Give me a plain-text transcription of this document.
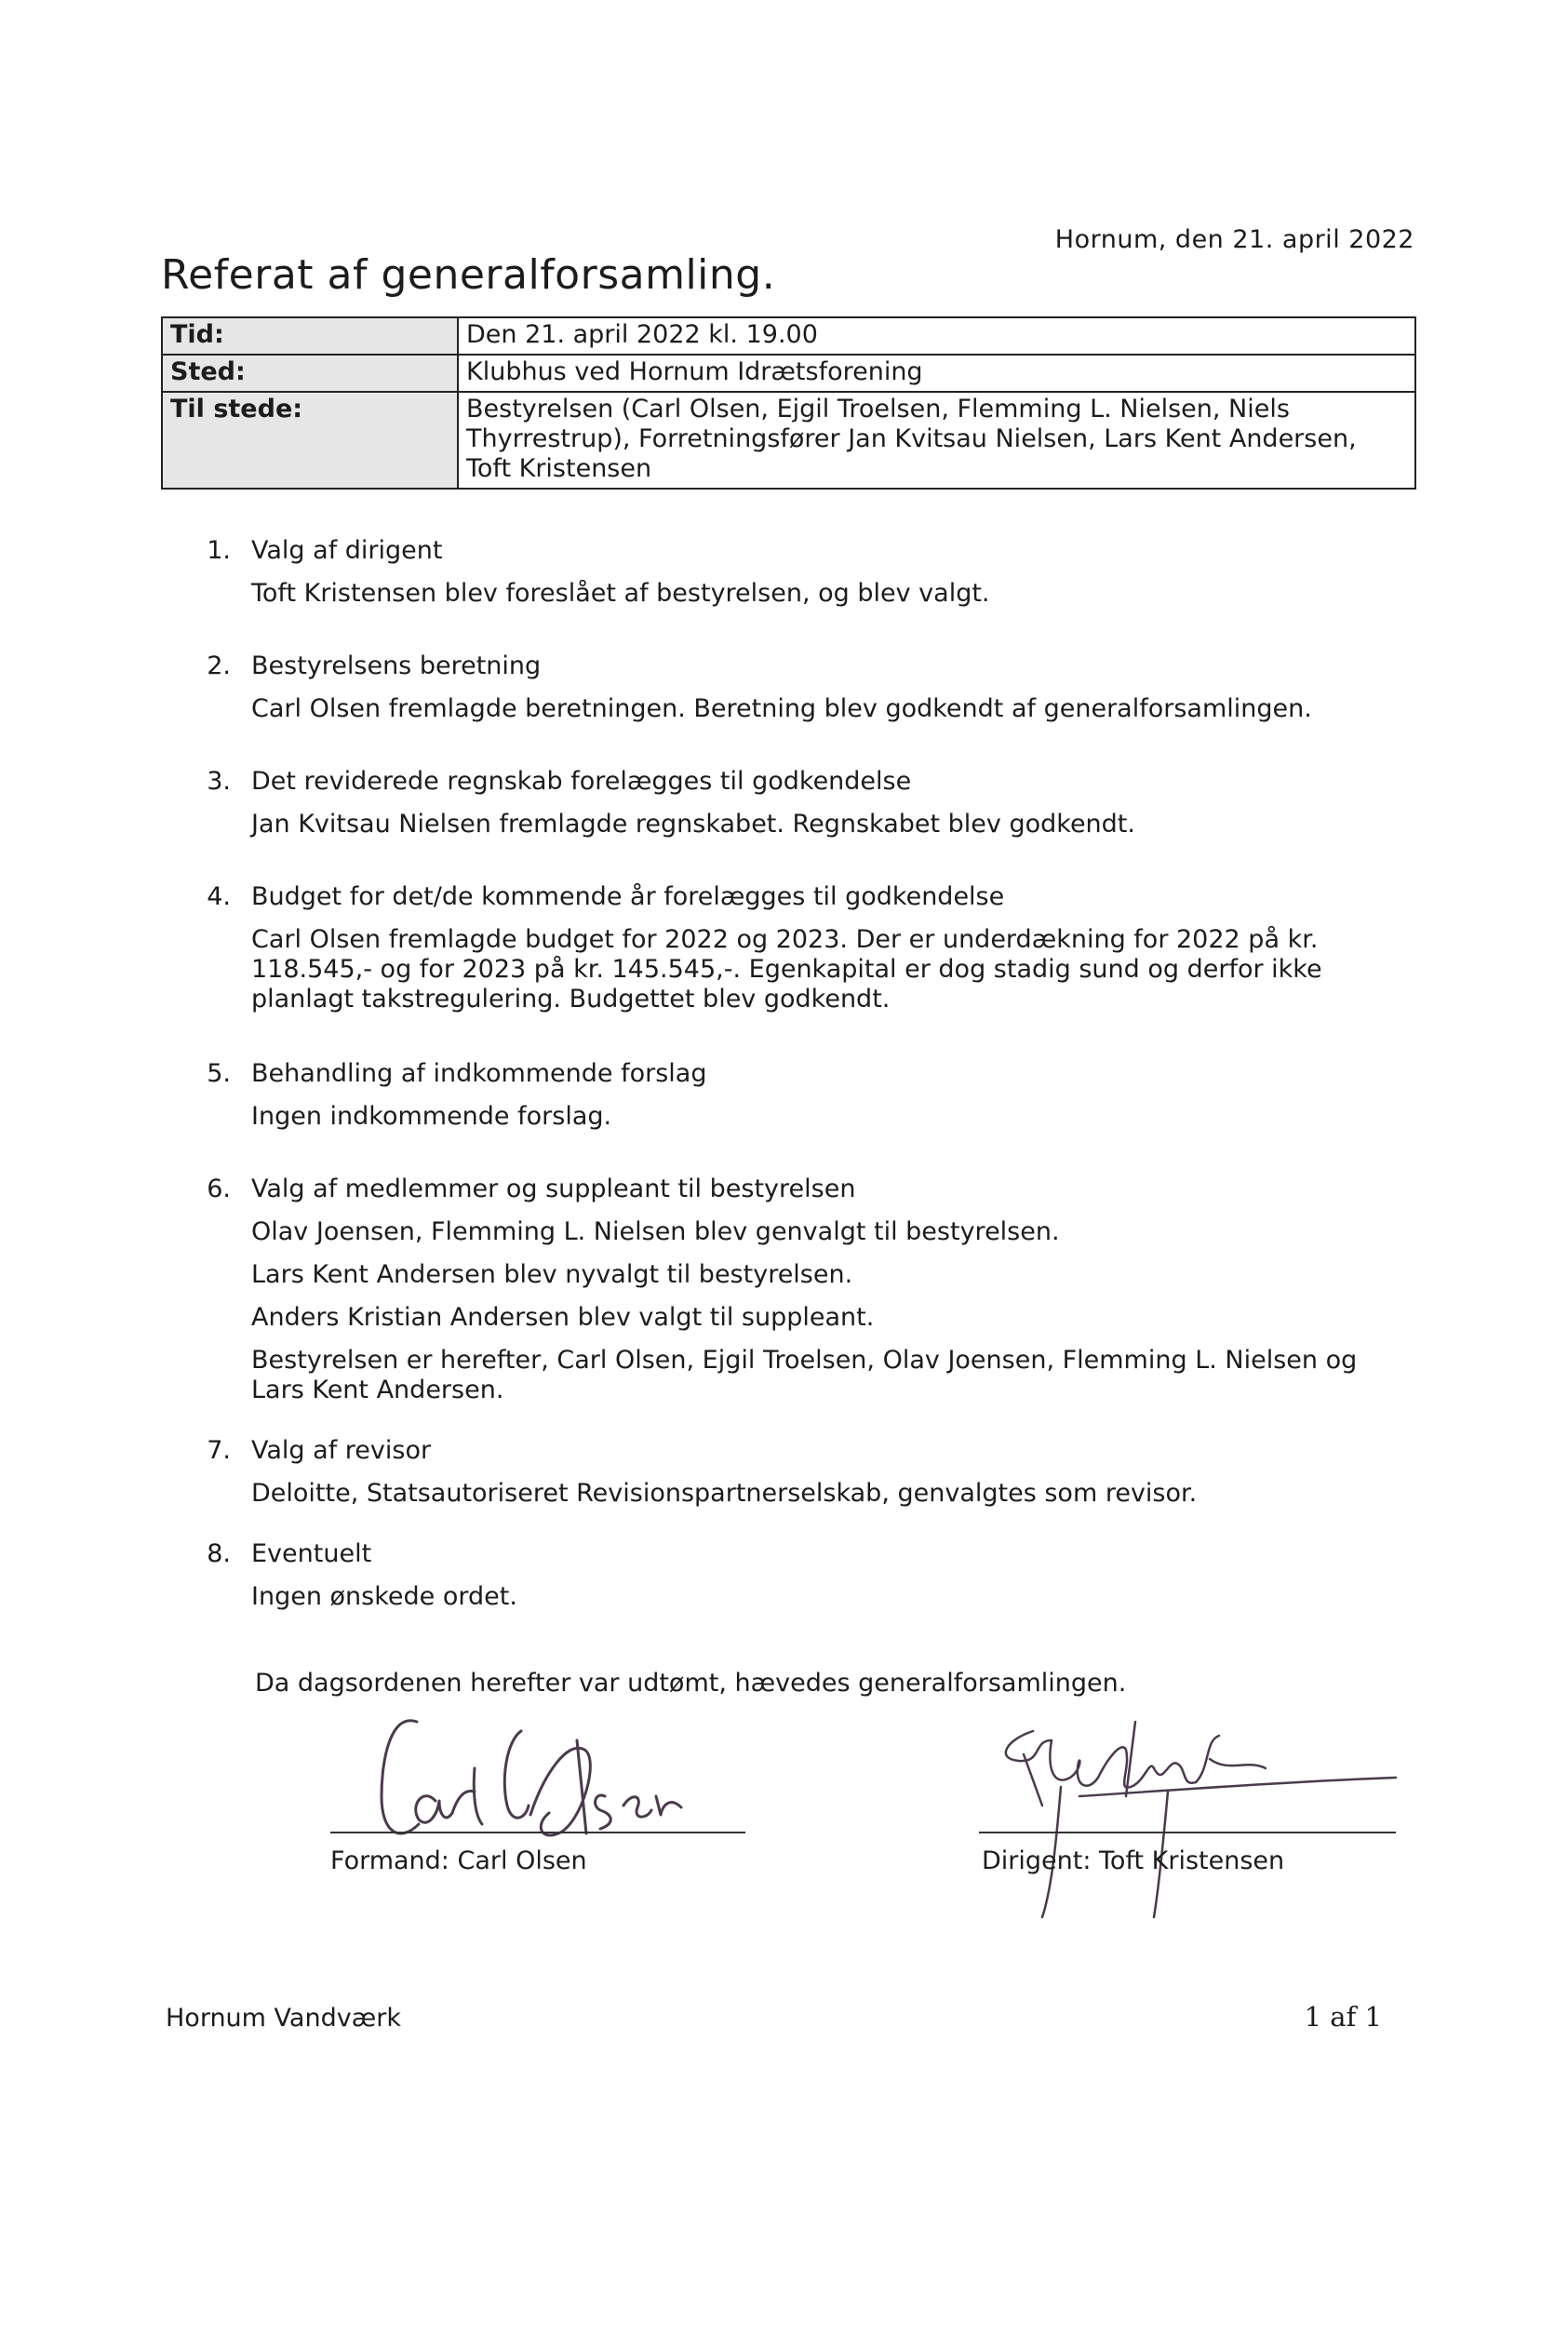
Hornum, den 21. april 2022
Referat af generalforsamling.
Tid:	Den 21. april 2022 kl. 19.00
Sted:	Klubhus ved Hornum Idrætsforening
Til stede:	Bestyrelsen (Carl Olsen, Ejgil Troelsen, Flemming L. Nielsen, Niels Thyrrestrup), Forretningsfører Jan Kvitsau Nielsen, Lars Kent Andersen, Toft Kristensen
1. Valg af dirigent
Toft Kristensen blev foreslået af bestyrelsen, og blev valgt.
2. Bestyrelsens beretning
Carl Olsen fremlagde beretningen. Beretning blev godkendt af generalforsamlingen.
3. Det reviderede regnskab forelægges til godkendelse
Jan Kvitsau Nielsen fremlagde regnskabet. Regnskabet blev godkendt.
4. Budget for det/de kommende år forelægges til godkendelse
Carl Olsen fremlagde budget for 2022 og 2023. Der er underdækning for 2022 på kr. 118.545,- og for 2023 på kr. 145.545,-. Egenkapital er dog stadig sund og derfor ikke planlagt takstregulering. Budgettet blev godkendt.
5. Behandling af indkommende forslag
Ingen indkommende forslag.
6. Valg af medlemmer og suppleant til bestyrelsen
Olav Joensen, Flemming L. Nielsen blev genvalgt til bestyrelsen.
Lars Kent Andersen blev nyvalgt til bestyrelsen.
Anders Kristian Andersen blev valgt til suppleant.
Bestyrelsen er herefter, Carl Olsen, Ejgil Troelsen, Olav Joensen, Flemming L. Nielsen og Lars Kent Andersen.
7. Valg af revisor
Deloitte, Statsautoriseret Revisionspartnerselskab, genvalgtes som revisor.
8. Eventuelt
Ingen ønskede ordet.
Da dagsordenen herefter var udtømt, hævedes generalforsamlingen.
Formand: Carl Olsen	Dirigent: Toft Kristensen
Hornum Vandværk	1 af 1
